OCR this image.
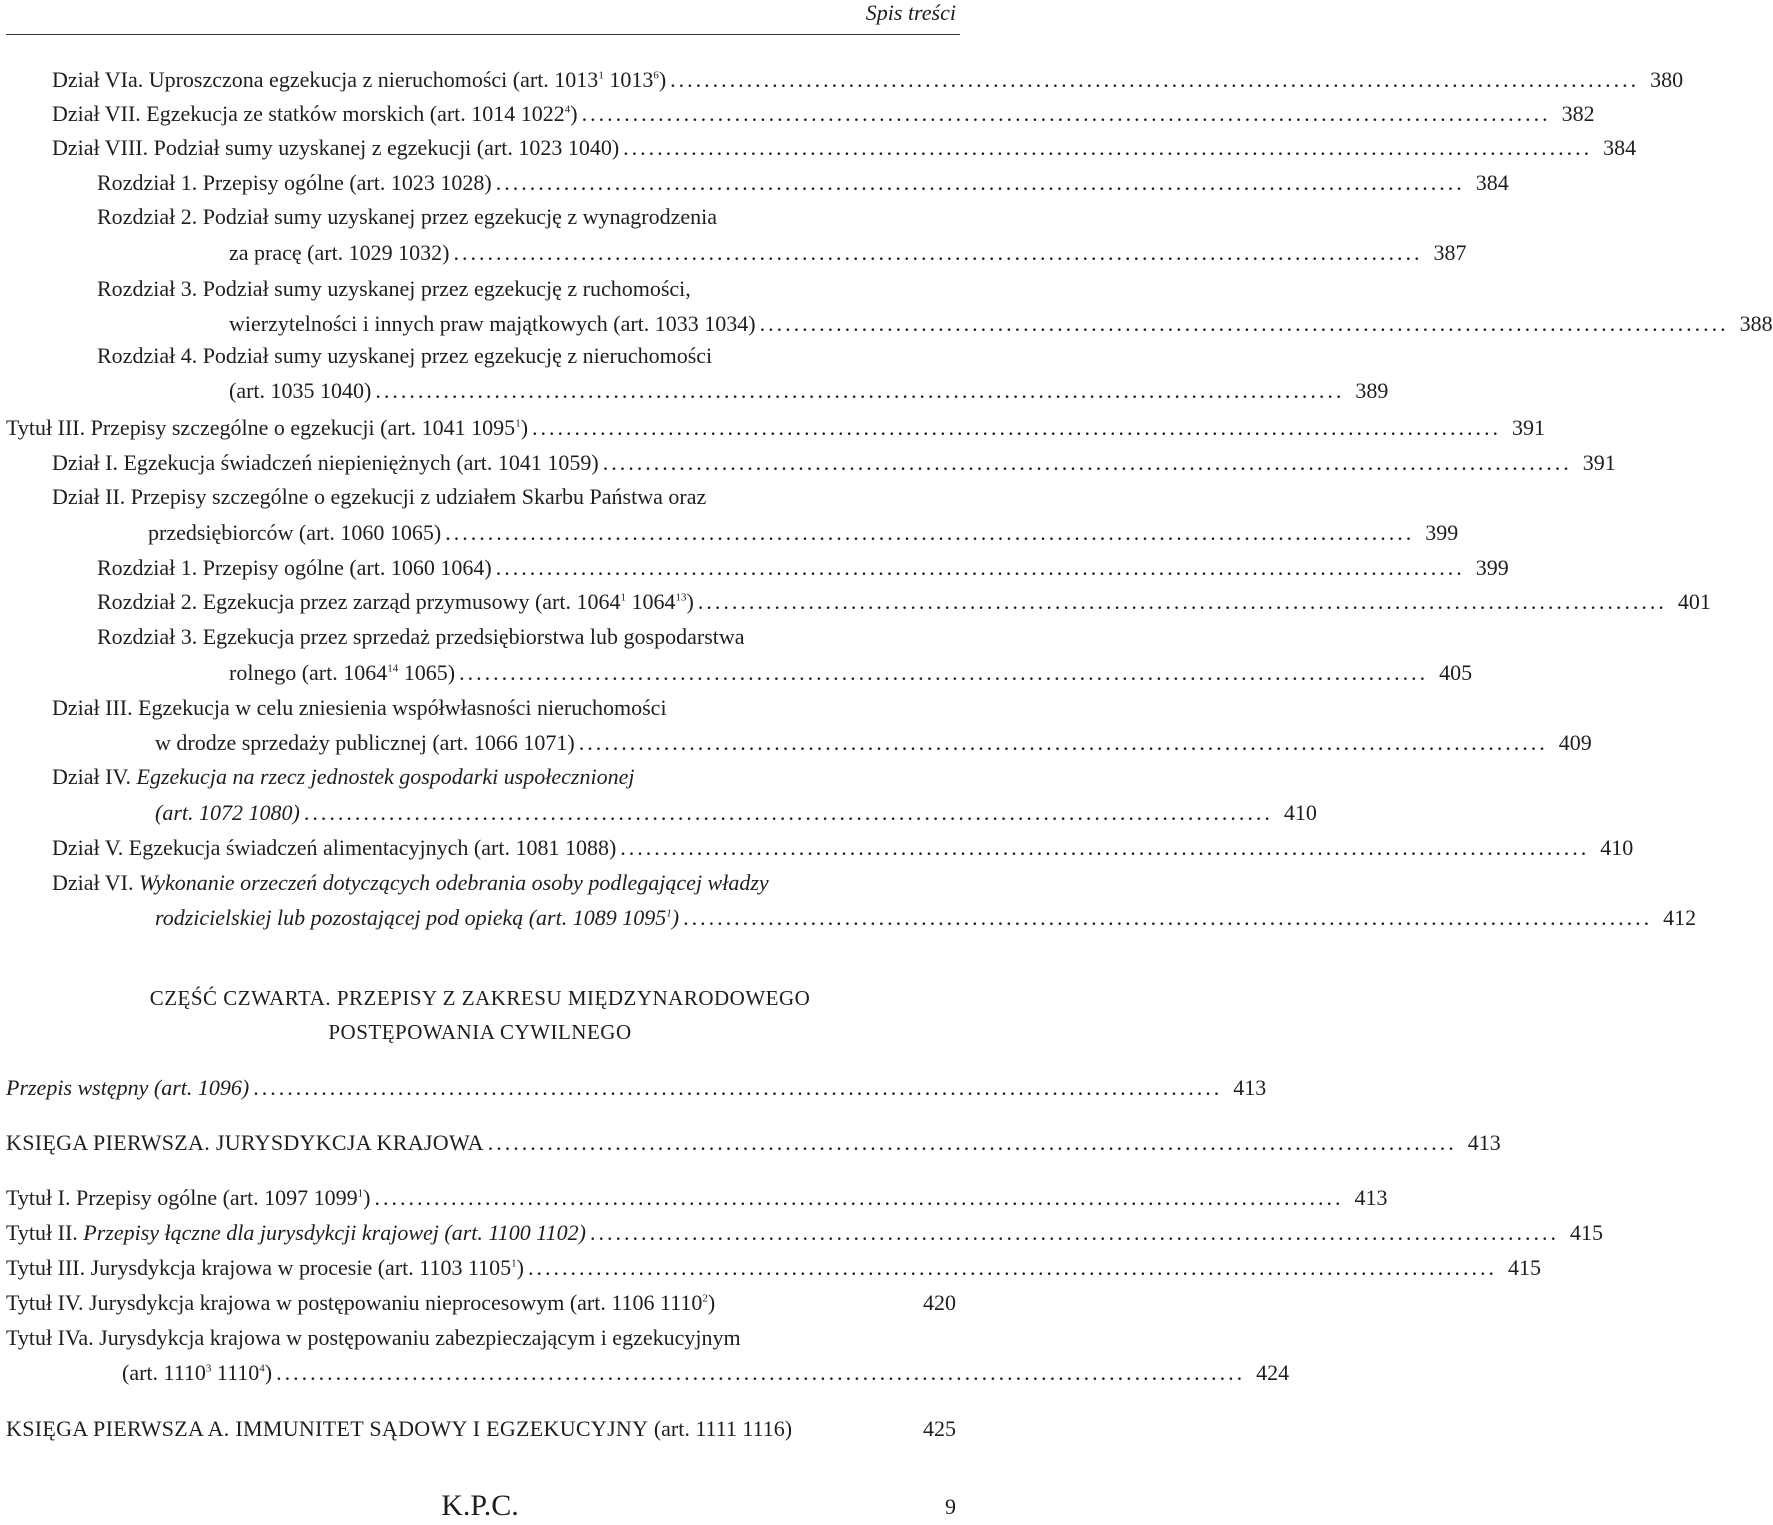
Spis treści
Dział VIa. Uproszczona egzekucja z nieruchomości (art. 1013$^1$ 1013$^6$) .................................................................................................................. 380
Dział VII. Egzekucja ze statków morskich (art. 1014 1022$^4$) .................................................................................................................. 382
Dział VIII. Podział sumy uzyskanej z egzekucji (art. 1023 1040) .................................................................................................................. 384
Rozdział 1. Przepisy ogólne (art. 1023 1028) .................................................................................................................. 384
Rozdział 2. Podział sumy uzyskanej przez egzekucję z wynagrodzenia
za pracę (art. 1029 1032) .................................................................................................................. 387
Rozdział 3. Podział sumy uzyskanej przez egzekucję z ruchomości,
wierzytelności i innych praw majątkowych (art. 1033 1034) .................................................................................................................. 388
Rozdział 4. Podział sumy uzyskanej przez egzekucję z nieruchomości
(art. 1035 1040) .................................................................................................................. 389
Tytuł III. Przepisy szczególne o egzekucji (art. 1041 1095$^1$) .................................................................................................................. 391
Dział I. Egzekucja świadczeń niepieniężnych (art. 1041 1059) .................................................................................................................. 391
Dział II. Przepisy szczególne o egzekucji z udziałem Skarbu Państwa oraz
przedsiębiorców (art. 1060 1065) .................................................................................................................. 399
Rozdział 1. Przepisy ogólne (art. 1060 1064) .................................................................................................................. 399
Rozdział 2. Egzekucja przez zarząd przymusowy (art. 1064$^1$ 1064$^{13}$) .................................................................................................................. 401
Rozdział 3. Egzekucja przez sprzedaż przedsiębiorstwa lub gospodarstwa
rolnego (art. 1064$^{14}$ 1065) .................................................................................................................. 405
Dział III. Egzekucja w celu zniesienia współwłasności nieruchomości
w drodze sprzedaży publicznej (art. 1066 1071) .................................................................................................................. 409
Dział IV. Egzekucja na rzecz jednostek gospodarki uspołecznionej
(art. 1072 1080) .................................................................................................................. 410
Dział V. Egzekucja świadczeń alimentacyjnych (art. 1081 1088) .................................................................................................................. 410
Dział VI. Wykonanie orzeczeń dotyczących odebrania osoby podlegającej władzy
rodzicielskiej lub pozostającej pod opieką (art. 1089 1095$^1$) .................................................................................................................. 412
CZĘŚĆ CZWARTA. PRZEPISY Z ZAKRESU MIĘDZYNARODOWEGO
POSTĘPOWANIA CYWILNEGO
Przepis wstępny (art. 1096) .................................................................................................................. 413
KSIĘGA PIERWSZA. JURYSDYKCJA KRAJOWA .................................................................................................................. 413
Tytuł I. Przepisy ogólne (art. 1097 1099$^1$) .................................................................................................................. 413
Tytuł II. Przepisy łączne dla jurysdykcji krajowej (art. 1100 1102) .................................................................................................................. 415
Tytuł III. Jurysdykcja krajowa w procesie (art. 1103 1105$^1$) .................................................................................................................. 415
Tytuł IV. Jurysdykcja krajowa w postępowaniu nieprocesowym (art. 1106 1110$^2$)	420
Tytuł IVa. Jurysdykcja krajowa w postępowaniu zabezpieczającym i egzekucyjnym
(art. 1110$^3$ 1110$^4$) .................................................................................................................. 424
KSIĘGA PIERWSZA A. IMMUNITET SĄDOWY I EGZEKUCYJNY (art. 1111 1116)	425
K.P.C.	9
